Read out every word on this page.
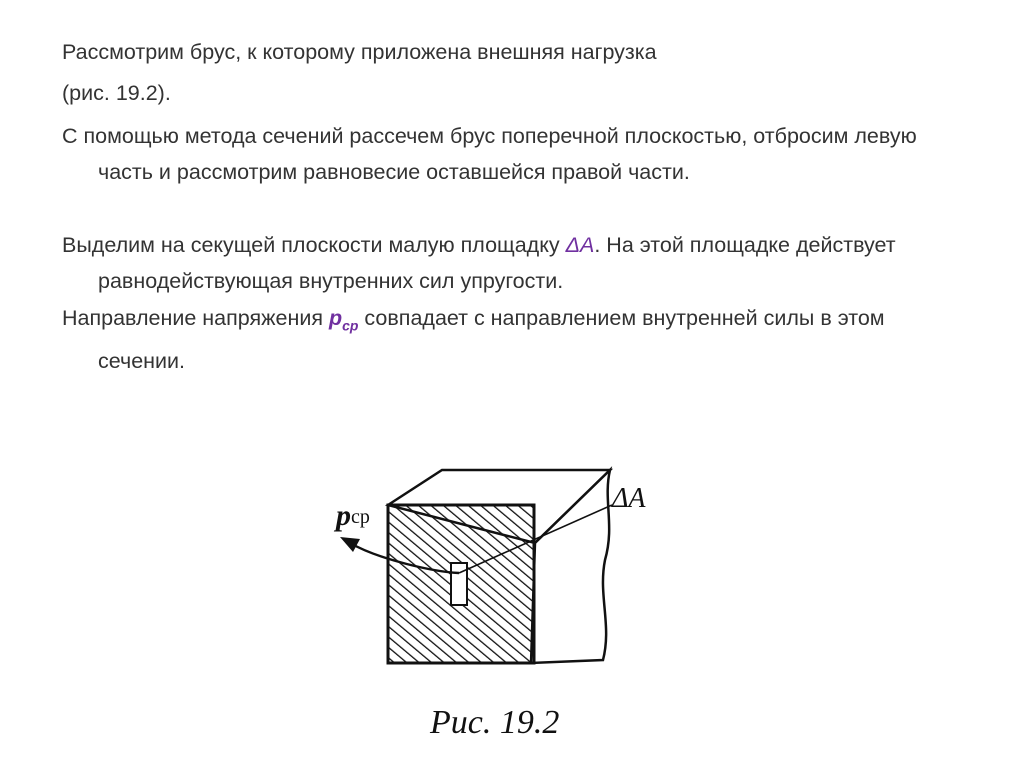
Рассмотрим брус, к которому приложена внешняя нагрузка

(рис. 19.2).

С помощью метода сечений рассечем брус поперечной плоскостью, отбросим левую часть и рассмотрим равновесие оставшейся правой части.

Выделим на секущей плоскости малую площадку ΔA. На этой площадке действует равнодействующая внутренних сил упругости.

Направление напряжения $p_{ср}$ совпадает с направлением внутренней силы в этом сечении.

pср
ΔA
Рис. 19.2
